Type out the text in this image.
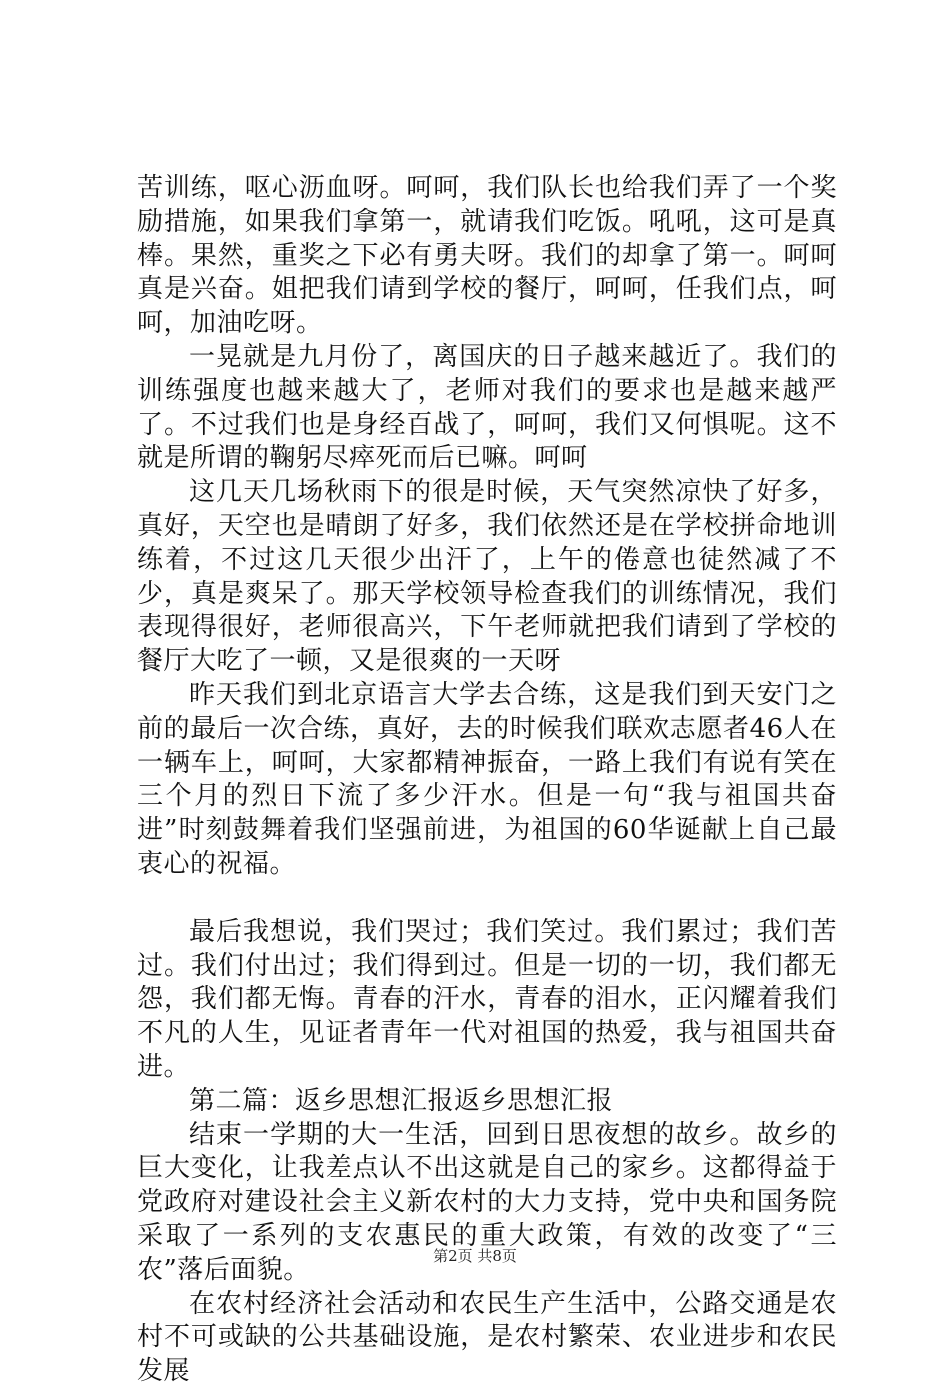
苦训练，呕心沥血呀。呵呵，我们队长也给我们弄了一个奖励措施，如果我们拿第一，就请我们吃饭。吼吼，这可是真棒。果然，重奖之下必有勇夫呀。我们的却拿了第一。呵呵真是兴奋。姐把我们请到学校的餐厅，呵呵，任我们点，呵呵，加油吃呀。

一晃就是九月份了，离国庆的日子越来越近了。我们的训练强度也越来越大了，老师对我们的要求也是越来越严了。不过我们也是身经百战了，呵呵，我们又何惧呢。这不就是所谓的鞠躬尽瘁死而后已嘛。呵呵

这几天几场秋雨下的很是时候，天气突然凉快了好多，真好，天空也是晴朗了好多，我们依然还是在学校拼命地训练着，不过这几天很少出汗了，上午的倦意也徒然减了不少，真是爽呆了。那天学校领导检查我们的训练情况，我们表现得很好，老师很高兴，下午老师就把我们请到了学校的餐厅大吃了一顿，又是很爽的一天呀

昨天我们到北京语言大学去合练，这是我们到天安门之前的最后一次合练，真好，去的时候我们联欢志愿者46人在一辆车上，呵呵，大家都精神振奋，一路上我们有说有笑在三个月的烈日下流了多少汗水。但是一句“我与祖国共奋进”时刻鼓舞着我们坚强前进，为祖国的60华诞献上自己最衷心的祝福。

最后我想说，我们哭过；我们笑过。我们累过；我们苦过。我们付出过；我们得到过。但是一切的一切，我们都无怨，我们都无悔。青春的汗水，青春的泪水，正闪耀着我们不凡的人生，见证者青年一代对祖国的热爱，我与祖国共奋进。

第二篇：返乡思想汇报返乡思想汇报

结束一学期的大一生活，回到日思夜想的故乡。故乡的巨大变化，让我差点认不出这就是自己的家乡。这都得益于党政府对建设社会主义新农村的大力支持，党中央和国务院采取了一系列的支农惠民的重大政策，有效的改变了“三农”落后面貌。

在农村经济社会活动和农民生产生活中，公路交通是农村不可或缺的公共基础设施，是农村繁荣、农业进步和农民发展

第2页 共8页
